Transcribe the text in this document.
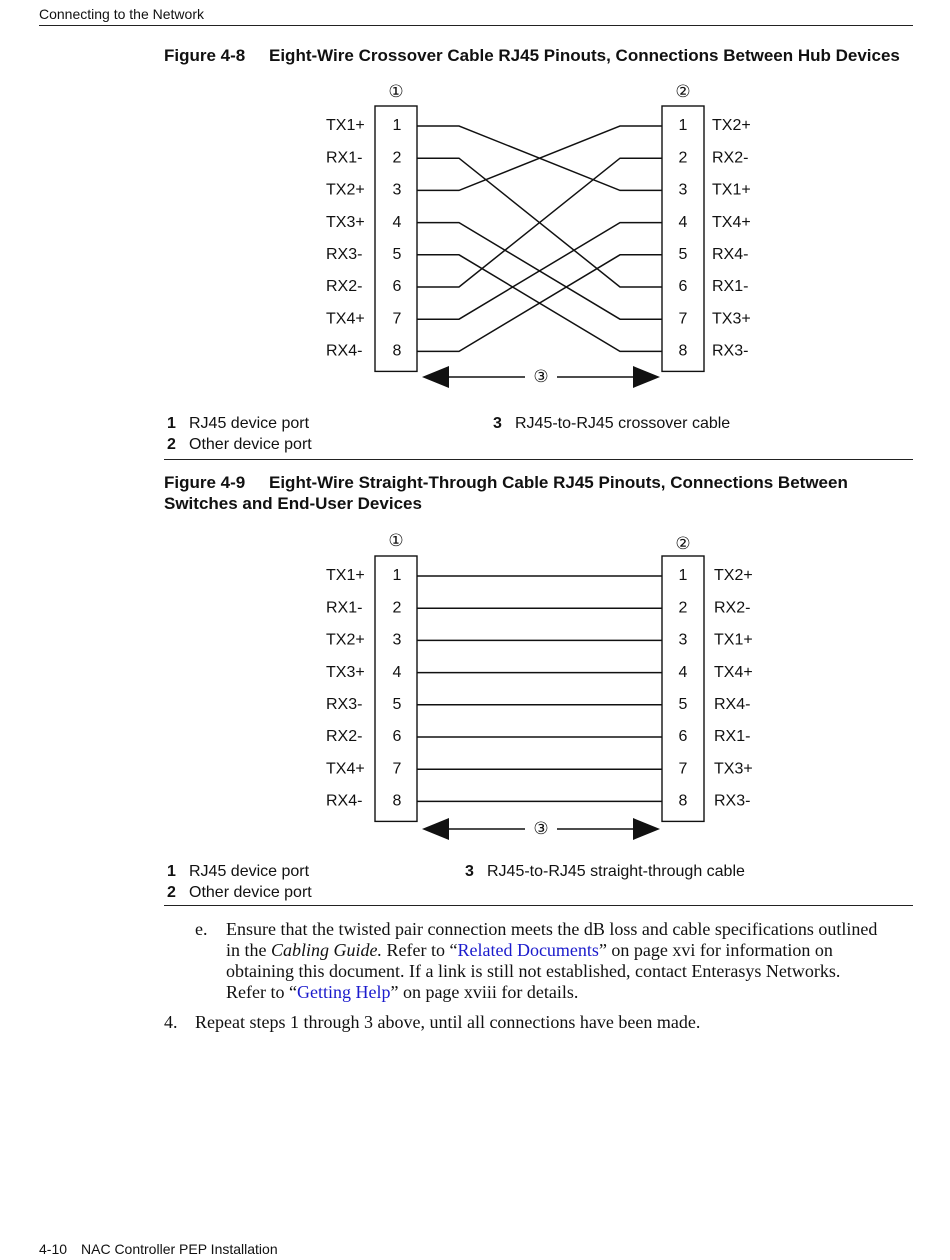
Connecting to the Network
Figure 4-8 Eight-Wire Crossover Cable RJ45 Pinouts, Connections Between Hub Devices
①	②
TX1+ 1	1 TX2+
RX1- 2	2 RX2-
TX2+ 3	3 TX1+
TX3+ 4	4 TX4+
RX3- 5	5 RX4-
RX2- 6	6 RX1-
TX4+ 7	7 TX3+
RX4- 8	8 RX3-
③
1 RJ45 device port	3 RJ45-to-RJ45 crossover cable
2 Other device port
Figure 4-9 Eight-Wire Straight-Through Cable RJ45 Pinouts, Connections Between
Switches and End-User Devices
①	②
TX1+ 1	1 TX2+
RX1- 2	2 RX2-
TX2+ 3	3 TX1+
TX3+ 4	4 TX4+
RX3- 5	5 RX4-
RX2- 6	6 RX1-
TX4+ 7	7 TX3+
RX4- 8	8 RX3-
③
1 RJ45 device port	3 RJ45-to-RJ45 straight-through cable
2 Other device port
e. Ensure that the twisted pair connection meets the dB loss and cable specifications outlined
in the Cabling Guide. Refer to “Related Documents” on page xvi for information on
obtaining this document. If a link is still not established, contact Enterasys Networks.
Refer to “Getting Help” on page xviii for details.
4. Repeat steps 1 through 3 above, until all connections have been made.
4-10 NAC Controller PEP Installation
